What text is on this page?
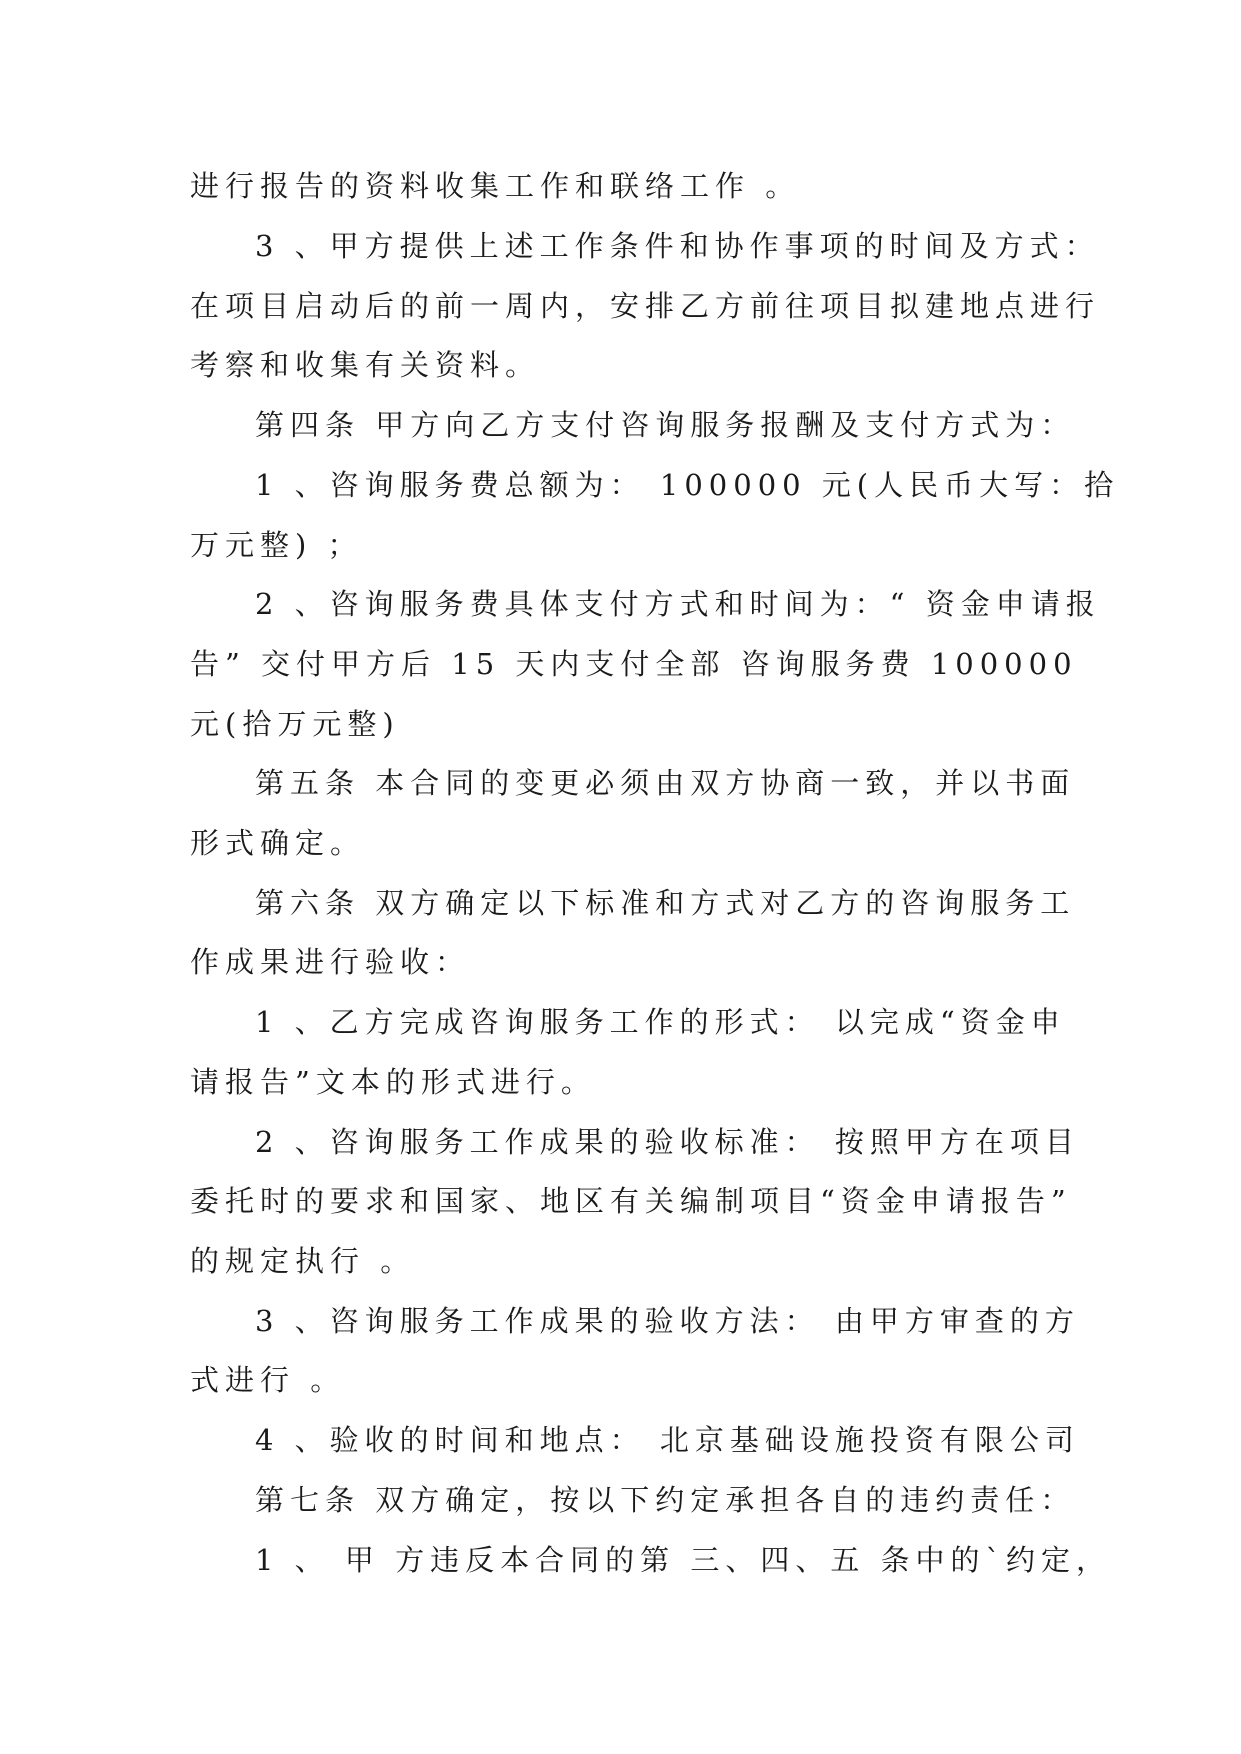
进行报告的资料收集工作和联络工作 。
3 、甲方提供上述工作条件和协作事项的时间及方式：
在项目启动后的前一周内，安排乙方前往项目拟建地点进行
考察和收集有关资料。
第四条 甲方向乙方支付咨询服务报酬及支付方式为：
1 、咨询服务费总额为： 100000 元(人民币大写：拾
万元整) ；
2 、咨询服务费具体支付方式和时间为：“ 资金申请报
告” 交付甲方后 15 天内支付全部 咨询服务费 100000
元(拾万元整)
第五条 本合同的变更必须由双方协商一致，并以书面
形式确定。
第六条 双方确定以下标准和方式对乙方的咨询服务工
作成果进行验收：
1 、乙方完成咨询服务工作的形式： 以完成“资金申
请报告”文本的形式进行。
2 、咨询服务工作成果的验收标准： 按照甲方在项目
委托时的要求和国家、地区有关编制项目“资金申请报告”
的规定执行 。
3 、咨询服务工作成果的验收方法： 由甲方审查的方
式进行 。
4 、验收的时间和地点： 北京基础设施投资有限公司
第七条 双方确定，按以下约定承担各自的违约责任：
1 、 甲 方违反本合同的第 三、四、五 条中的`约定，
